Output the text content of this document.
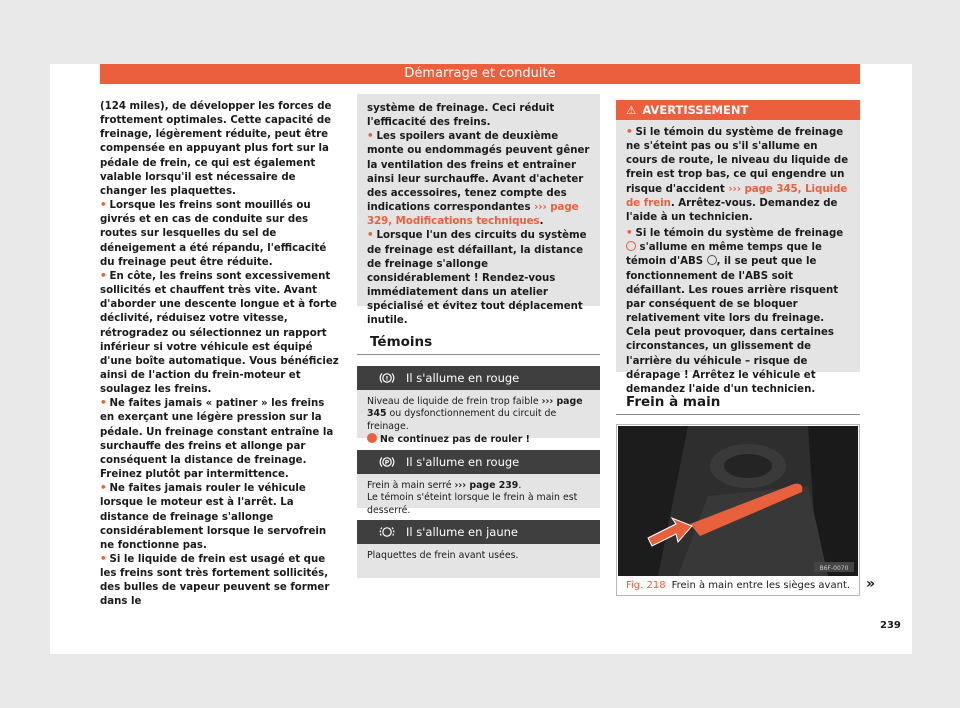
Démarrage et conduite

(124 miles), de développer les forces de frottement optimales. Cette capacité de freinage, légèrement réduite, peut être compensée en appuyant plus fort sur la pédale de frein, ce qui est également valable lorsqu'il est nécessaire de changer les plaquettes.

• Lorsque les freins sont mouillés ou givrés et en cas de conduite sur des routes sur lesquelles du sel de déneigement a été répandu, l'efficacité du freinage peut être réduite.

• En côte, les freins sont excessivement sollicités et chauffent très vite. Avant d'aborder une descente longue et à forte déclivité, réduisez votre vitesse, rétrogradez ou sélectionnez un rapport inférieur si votre véhicule est équipé d'une boîte automatique. Vous bénéficiez ainsi de l'action du frein-moteur et soulagez les freins.

• Ne faites jamais « patiner » les freins en exerçant une légère pression sur la pédale. Un freinage constant entraîne la surchauffe des freins et allonge par conséquent la distance de freinage. Freinez plutôt par intermittence.

• Ne faites jamais rouler le véhicule lorsque le moteur est à l'arrêt. La distance de freinage s'allonge considérablement lorsque le servofrein ne fonctionne pas.

• Si le liquide de frein est usagé et que les freins sont très fortement sollicités, des bulles de vapeur peuvent se former dans le

système de freinage. Ceci réduit l'efficacité des freins.

• Les spoilers avant de deuxième monte ou endommagés peuvent gêner la ventilation des freins et entraîner ainsi leur surchauffe. Avant d'acheter des accessoires, tenez compte des indications correspondantes ››› page 329, Modifications techniques.

• Lorsque l'un des circuits du système de freinage est défaillant, la distance de freinage s'allonge considérablement ! Rendez-vous immédiatement dans un atelier spécialisé et évitez tout déplacement inutile.

Témoins
! Il s'allume en rouge
Niveau de liquide de frein trop faible ››› page 345 ou dysfonctionnement du circuit de freinage.
Ne continuez pas de rouler !
P Il s'allume en rouge
Frein à main serré ››› page 239.
Le témoin s'éteint lorsque le frein à main est desserré.
Il s'allume en jaune
Plaquettes de frein avant usées.
⚠ AVERTISSEMENT

• Si le témoin du système de freinage ne s'éteint pas ou s'il s'allume en cours de route, le niveau du liquide de frein est trop bas, ce qui engendre un risque d'accident ››› page 345, Liquide de frein. Arrêtez-vous. Demandez de l'aide à un technicien.

• Si le témoin du système de freinage  s'allume en même temps que le témoin d'ABS , il se peut que le fonctionnement de l'ABS soit défaillant. Les roues arrière risquent par conséquent de se bloquer relativement vite lors du freinage. Cela peut provoquer, dans certaines circonstances, un glissement de l'arrière du véhicule – risque de dérapage ! Arrêtez le véhicule et demandez l'aide d'un technicien.

Frein à main
B6F-0070
Fig. 218 Frein à main entre les sièges avant. »
239
